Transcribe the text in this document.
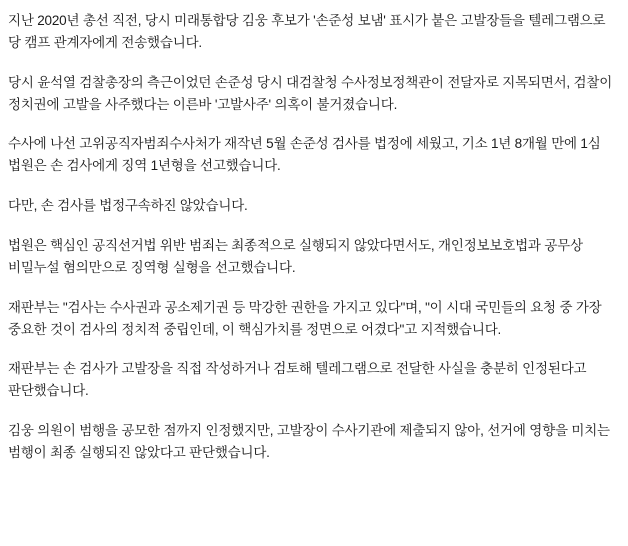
지난 2020년 총선 직전, 당시 미래통합당 김웅 후보가 '손준성 보냄' 표시가 붙은 고발장들을 텔레그램으로 당 캠프 관계자에게 전송했습니다.

당시 윤석열 검찰총장의 측근이었던 손준성 당시 대검찰청 수사정보정책관이 전달자로 지목되면서, 검찰이 정치권에 고발을 사주했다는 이른바 '고발사주' 의혹이 불거졌습니다.

수사에 나선 고위공직자범죄수사처가 재작년 5월 손준성 검사를 법정에 세웠고, 기소 1년 8개월 만에 1심 법원은 손 검사에게 징역 1년형을 선고했습니다.

다만, 손 검사를 법정구속하진 않았습니다.

법원은 핵심인 공직선거법 위반 범죄는 최종적으로 실행되지 않았다면서도, 개인정보보호법과 공무상 비밀누설 혐의만으로 징역형 실형을 선고했습니다.

재판부는 "검사는 수사권과 공소제기권 등 막강한 권한을 가지고 있다"며, "이 시대 국민들의 요청 중 가장 중요한 것이 검사의 정치적 중립인데, 이 핵심가치를 정면으로 어겼다"고 지적했습니다.

재판부는 손 검사가 고발장을 직접 작성하거나 검토해 텔레그램으로 전달한 사실을 충분히 인정된다고 판단했습니다.

김웅 의원이 범행을 공모한 점까지 인정했지만, 고발장이 수사기관에 제출되지 않아, 선거에 영향을 미치는 범행이 최종 실행되진 않았다고 판단했습니다.
